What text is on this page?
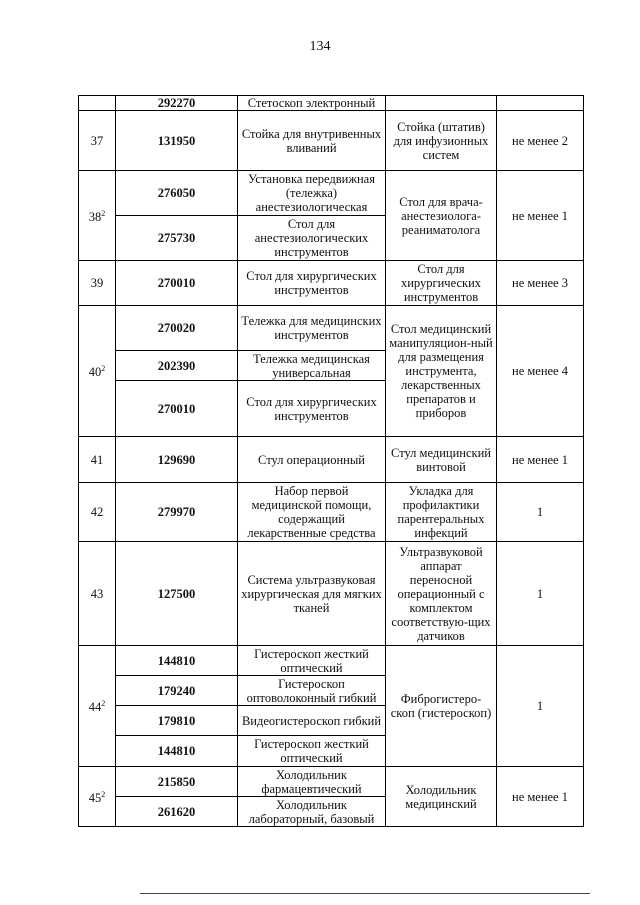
134
	292270	Стетоскоп электронный		
37	131950	Стойка для внутривенных вливаний	Стойка (штатив) для инфузионных систем	не менее 2
$38^2$	276050	Установка передвижная (тележка) анестезиологическая	Стол для врача-анестезиолога-реаниматолога	не менее 1
	275730	Стол для анестезиологических инструментов		
39	270010	Стол для хирургических инструментов	Стол для хирургических инструментов	не менее 3
$40^2$	270020	Тележка для медицинских инструментов	Стол медицинский манипуляцион-ный для размещения инструмента, лекарственных препаратов и приборов	не менее 4
	202390	Тележка медицинская универсальная		
	270010	Стол для хирургических инструментов		
41	129690	Стул операционный	Стул медицинский винтовой	не менее 1
42	279970	Набор первой медицинской помощи, содержащий лекарственные средства	Укладка для профилактики парентеральных инфекций	1
43	127500	Система ультразвуковая хирургическая для мягких тканей	Ультразвуковой аппарат переносной операционный с комплектом соответствую-щих датчиков	1
$44^2$	144810	Гистероскоп жесткий оптический	Фиброгистеро-скоп (гистероскоп)	1
	179240	Гистероскоп оптоволоконный гибкий		
	179810	Видеогистероскоп гибкий		
	144810	Гистероскоп жесткий оптический		
$45^2$	215850	Холодильник фармацевтический	Холодильник медицинский	не менее 1
	261620	Холодильник лабораторный, базовый		
